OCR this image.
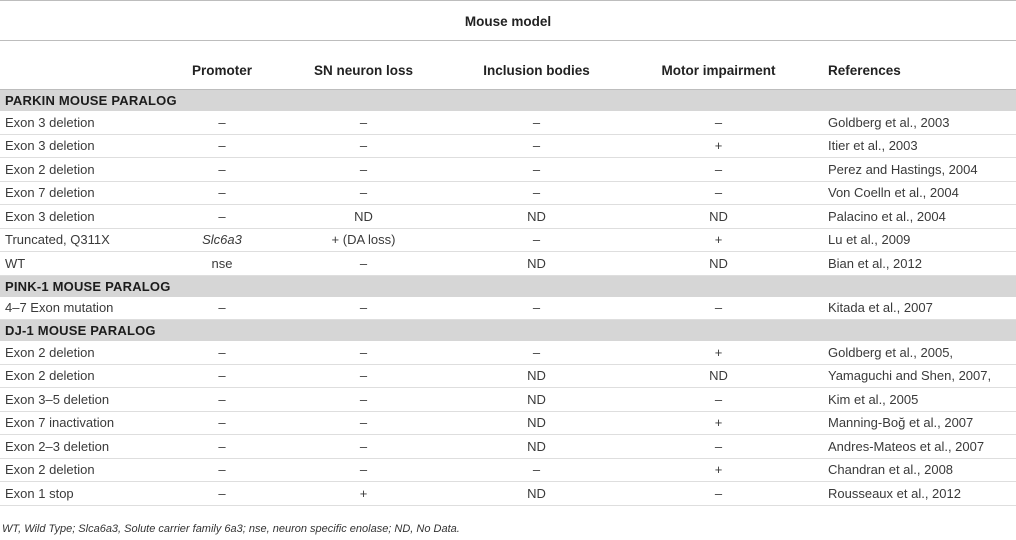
Mouse model					

	Promoter	SN neuron loss	Inclusion bodies	Motor impairment	References
PARKIN MOUSE PARALOG					
Exon 3 deletion	–	–	–	–	Goldberg et al., 2003
Exon 3 deletion	–	–	–	+	Itier et al., 2003
Exon 2 deletion	–	–	–	–	Perez and Hastings, 2004
Exon 7 deletion	–	–	–	–	Von Coelln et al., 2004
Exon 3 deletion	–	ND	ND	ND	Palacino et al., 2004
Truncated, Q311X	Slc6a3	+ (DA loss)	–	+	Lu et al., 2009
WT	nse	–	ND	ND	Bian et al., 2012
PINK-1 MOUSE PARALOG					
4–7 Exon mutation	–	–	–	–	Kitada et al., 2007
DJ-1 MOUSE PARALOG					
Exon 2 deletion	–	–	–	+	Goldberg et al., 2005,
Exon 2 deletion	–	–	ND	ND	Yamaguchi and Shen, 2007,
Exon 3–5 deletion	–	–	ND	–	Kim et al., 2005
Exon 7 inactivation	–	–	ND	+	Manning-Boğ et al., 2007
Exon 2–3 deletion	–	–	ND	–	Andres-Mateos et al., 2007
Exon 2 deletion	–	–	–	+	Chandran et al., 2008
Exon 1 stop	–	+	ND	–	Rousseaux et al., 2012
WT, Wild Type; Slca6a3, Solute carrier family 6a3; nse, neuron specific enolase; ND, No Data.
